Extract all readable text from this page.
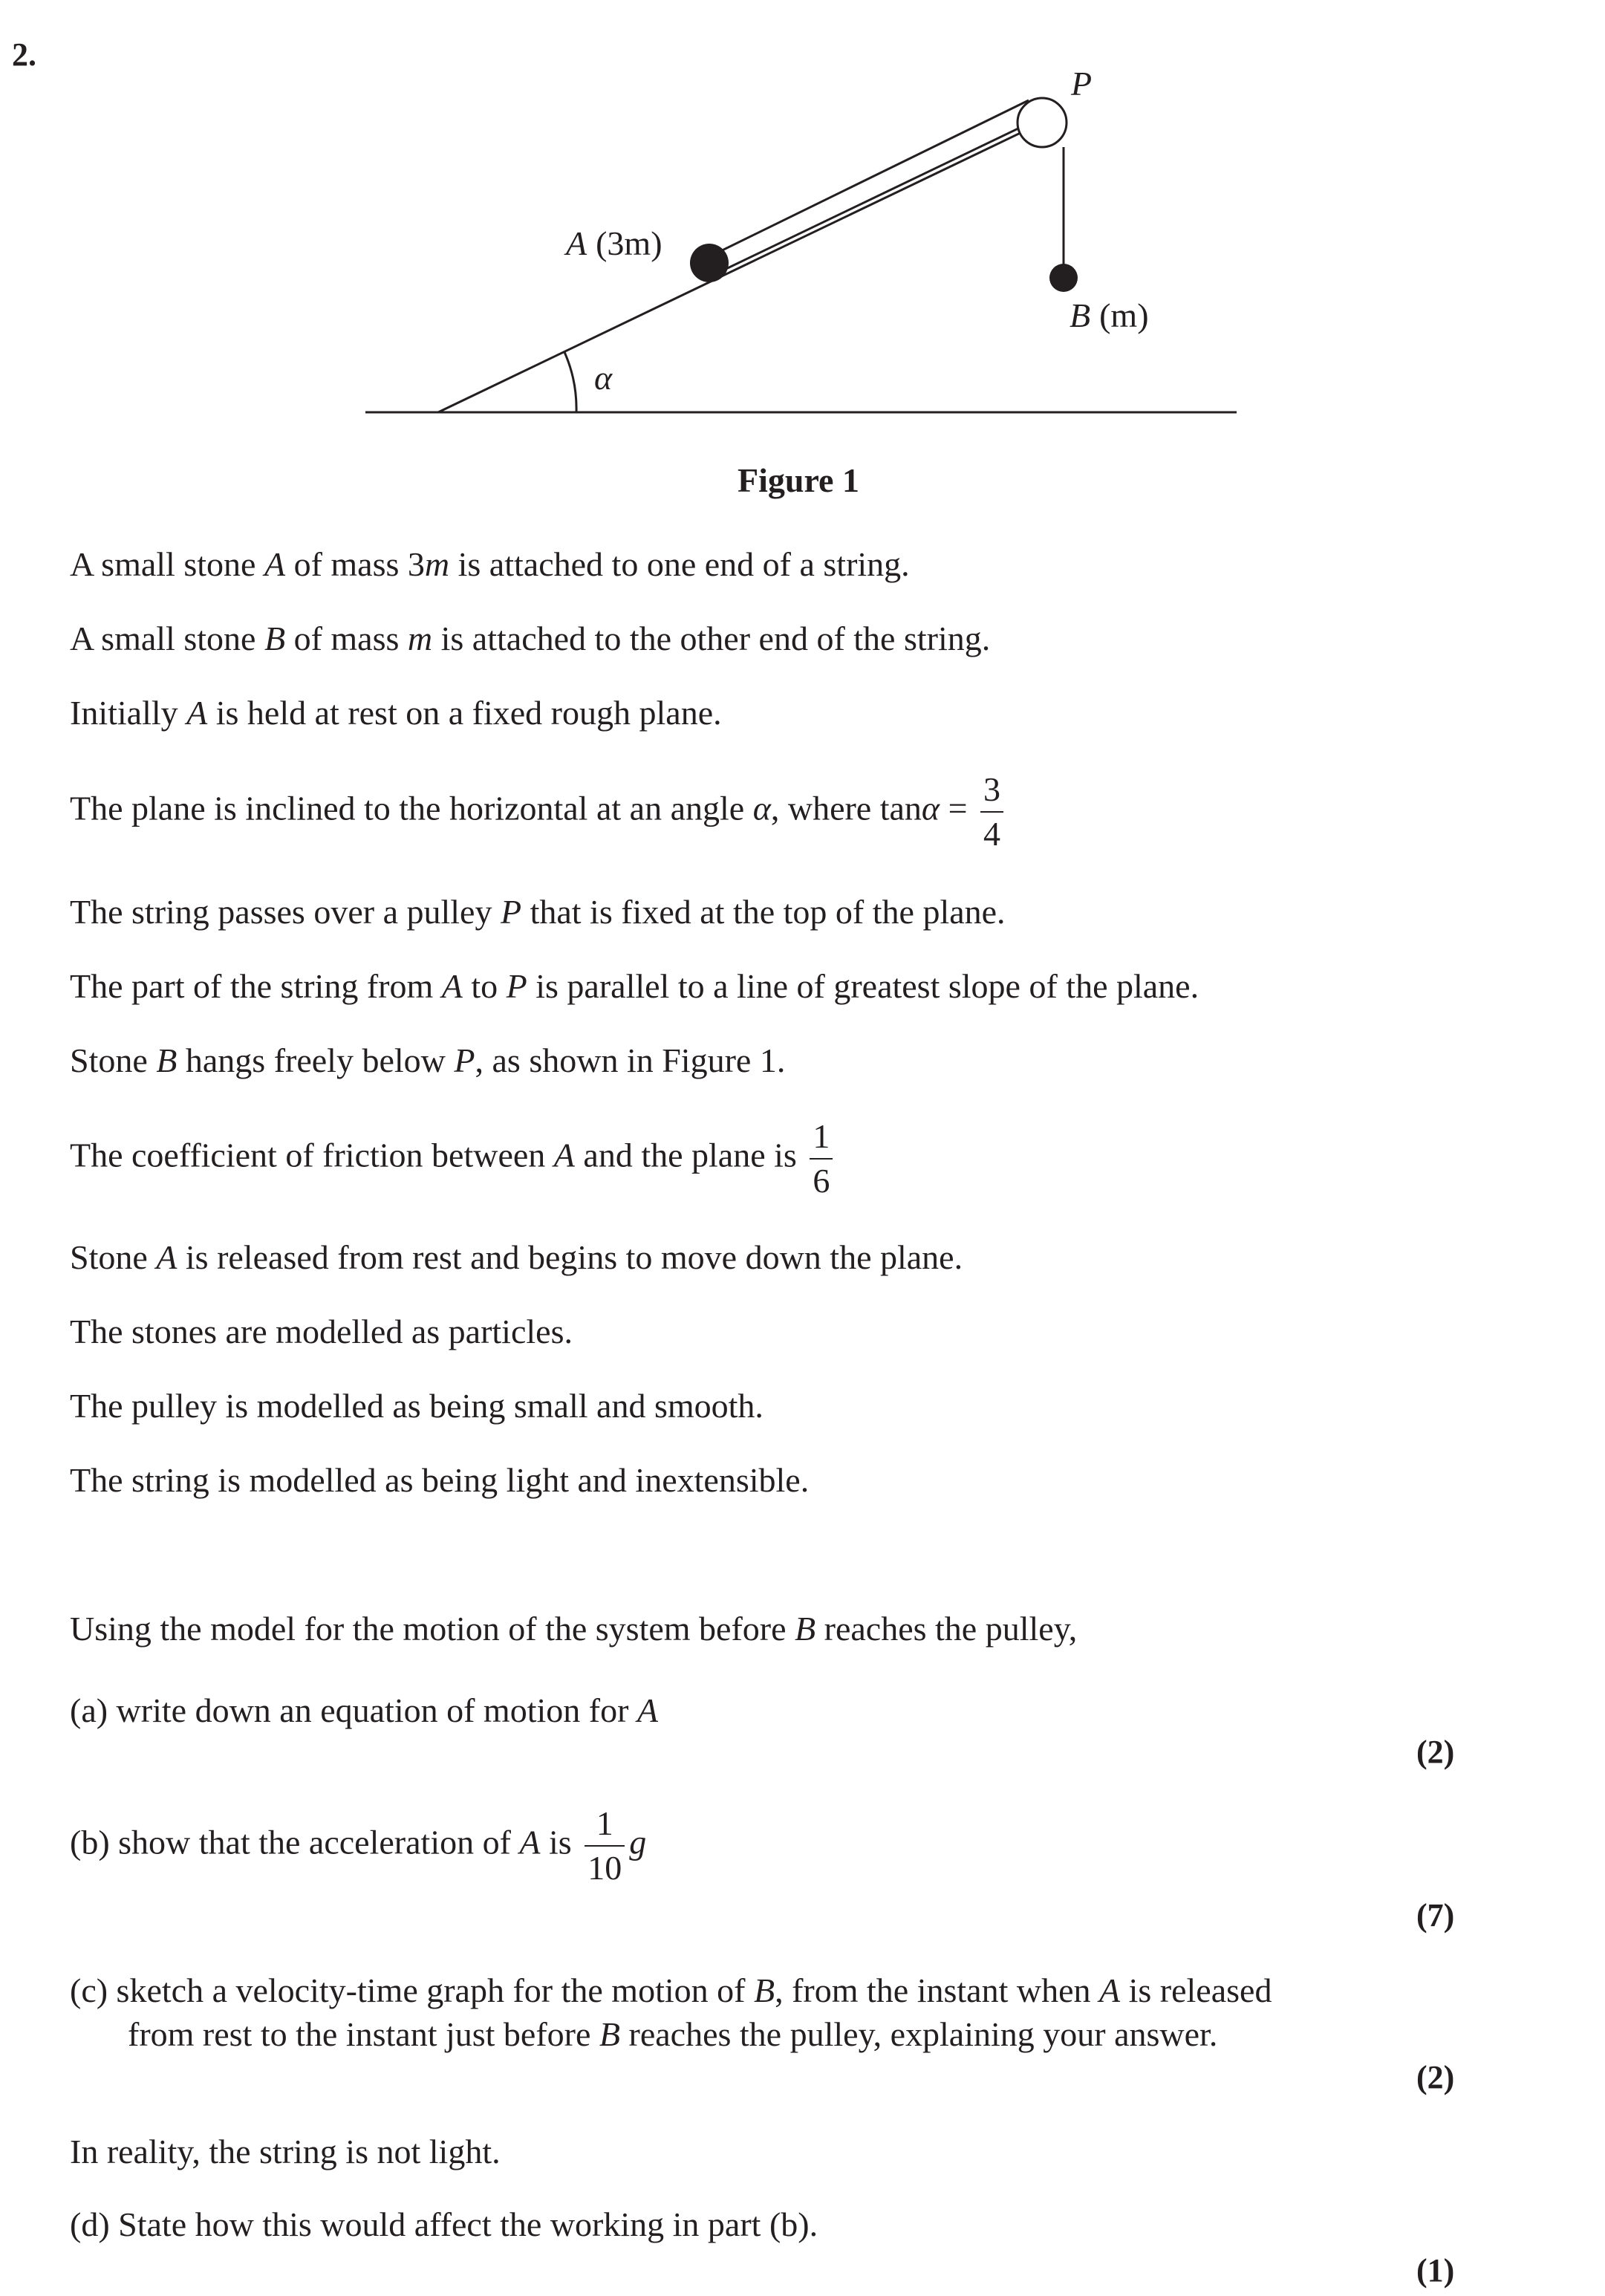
2.
P
A (3m)
B (m)
α
Figure 1
A small stone A of mass 3m is attached to one end of a string.
A small stone B of mass m is attached to the other end of the string.
Initially A is held at rest on a fixed rough plane.
The plane is inclined to the horizontal at an angle α, where $\tan\alpha = \frac{3}{4}$
The string passes over a pulley P that is fixed at the top of the plane.
The part of the string from A to P is parallel to a line of greatest slope of the plane.
Stone B hangs freely below P, as shown in Figure 1.
The coefficient of friction between A and the plane is $\frac{1}{6}$
Stone A is released from rest and begins to move down the plane.
The stones are modelled as particles.
The pulley is modelled as being small and smooth.
The string is modelled as being light and inextensible.
Using the model for the motion of the system before B reaches the pulley,
(a) write down an equation of motion for A
(2)
(b) show that the acceleration of A is $\frac{1}{10}$ g
(7)
(c) sketch a velocity-time graph for the motion of B, from the instant when A is released
from rest to the instant just before B reaches the pulley, explaining your answer.
(2)
In reality, the string is not light.
(d) State how this would affect the working in part (b).
(1)
